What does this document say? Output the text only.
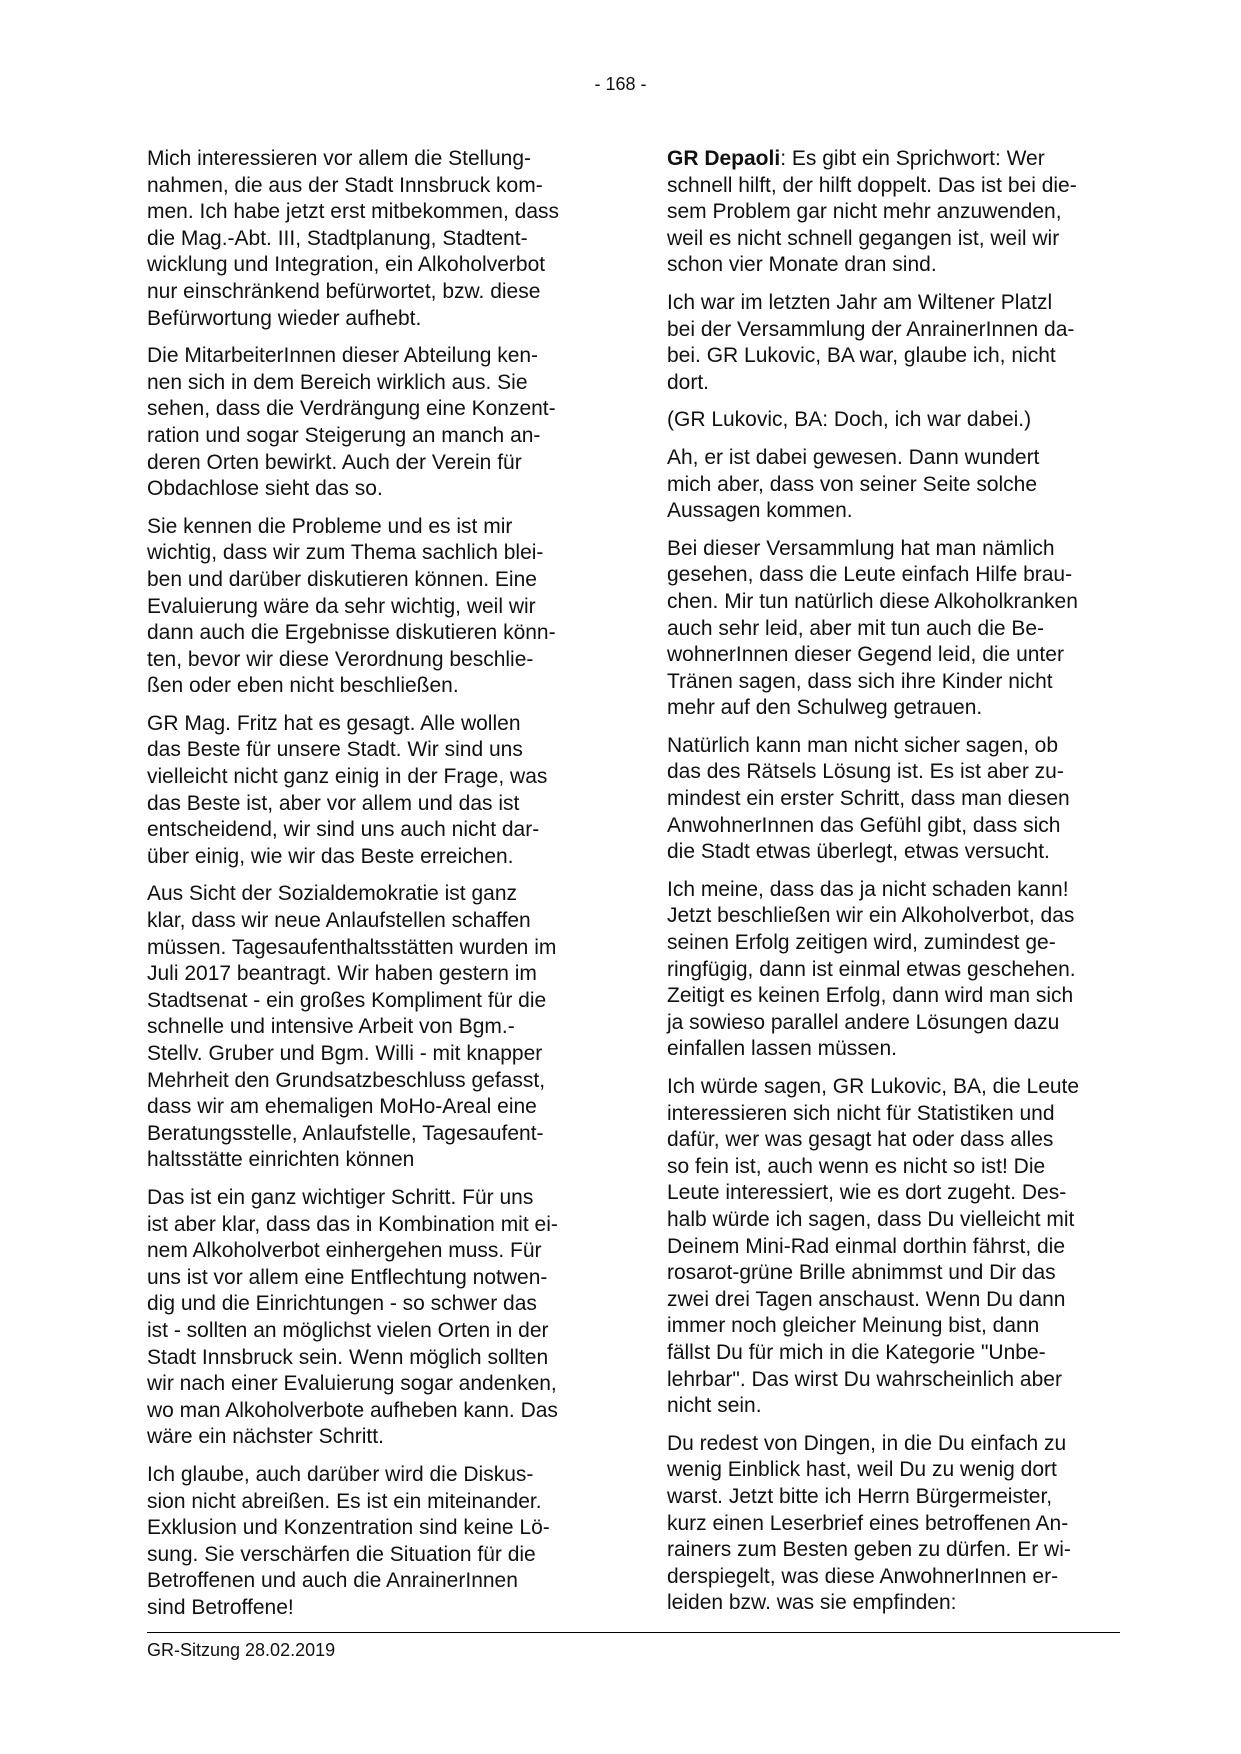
- 168 -

Mich interessieren vor allem die Stellung-
nahmen, die aus der Stadt Innsbruck kom-
men. Ich habe jetzt erst mitbekommen, dass
die Mag.-Abt. III, Stadtplanung, Stadtent-
wicklung und Integration, ein Alkoholverbot
nur einschränkend befürwortet, bzw. diese
Befürwortung wieder aufhebt.

Die MitarbeiterInnen dieser Abteilung ken-
nen sich in dem Bereich wirklich aus. Sie
sehen, dass die Verdrängung eine Konzent-
ration und sogar Steigerung an manch an-
deren Orten bewirkt. Auch der Verein für
Obdachlose sieht das so.

Sie kennen die Probleme und es ist mir
wichtig, dass wir zum Thema sachlich blei-
ben und darüber diskutieren können. Eine
Evaluierung wäre da sehr wichtig, weil wir
dann auch die Ergebnisse diskutieren könn-
ten, bevor wir diese Verordnung beschlie-
ßen oder eben nicht beschließen.

GR Mag. Fritz hat es gesagt. Alle wollen
das Beste für unsere Stadt. Wir sind uns
vielleicht nicht ganz einig in der Frage, was
das Beste ist, aber vor allem und das ist
entscheidend, wir sind uns auch nicht dar-
über einig, wie wir das Beste erreichen.

Aus Sicht der Sozialdemokratie ist ganz
klar, dass wir neue Anlaufstellen schaffen
müssen. Tagesaufenthaltsstätten wurden im
Juli 2017 beantragt. Wir haben gestern im
Stadtsenat - ein großes Kompliment für die
schnelle und intensive Arbeit von Bgm.-
Stellv. Gruber und Bgm. Willi - mit knapper
Mehrheit den Grundsatzbeschluss gefasst,
dass wir am ehemaligen MoHo-Areal eine
Beratungsstelle, Anlaufstelle, Tagesaufent-
haltsstätte einrichten können

Das ist ein ganz wichtiger Schritt. Für uns
ist aber klar, dass das in Kombination mit ei-
nem Alkoholverbot einhergehen muss. Für
uns ist vor allem eine Entflechtung notwen-
dig und die Einrichtungen - so schwer das
ist - sollten an möglichst vielen Orten in der
Stadt Innsbruck sein. Wenn möglich sollten
wir nach einer Evaluierung sogar andenken,
wo man Alkoholverbote aufheben kann. Das
wäre ein nächster Schritt.

Ich glaube, auch darüber wird die Diskus-
sion nicht abreißen. Es ist ein miteinander.
Exklusion und Konzentration sind keine Lö-
sung. Sie verschärfen die Situation für die
Betroffenen und auch die AnrainerInnen
sind Betroffene!

GR Depaoli: Es gibt ein Sprichwort: Wer
schnell hilft, der hilft doppelt. Das ist bei die-
sem Problem gar nicht mehr anzuwenden,
weil es nicht schnell gegangen ist, weil wir
schon vier Monate dran sind.

Ich war im letzten Jahr am Wiltener Platzl
bei der Versammlung der AnrainerInnen da-
bei. GR Lukovic, BA war, glaube ich, nicht
dort.

(GR Lukovic, BA: Doch, ich war dabei.)

Ah, er ist dabei gewesen. Dann wundert
mich aber, dass von seiner Seite solche
Aussagen kommen.

Bei dieser Versammlung hat man nämlich
gesehen, dass die Leute einfach Hilfe brau-
chen. Mir tun natürlich diese Alkoholkranken
auch sehr leid, aber mit tun auch die Be-
wohnerInnen dieser Gegend leid, die unter
Tränen sagen, dass sich ihre Kinder nicht
mehr auf den Schulweg getrauen.

Natürlich kann man nicht sicher sagen, ob
das des Rätsels Lösung ist. Es ist aber zu-
mindest ein erster Schritt, dass man diesen
AnwohnerInnen das Gefühl gibt, dass sich
die Stadt etwas überlegt, etwas versucht.

Ich meine, dass das ja nicht schaden kann!
Jetzt beschließen wir ein Alkoholverbot, das
seinen Erfolg zeitigen wird, zumindest ge-
ringfügig, dann ist einmal etwas geschehen.
Zeitigt es keinen Erfolg, dann wird man sich
ja sowieso parallel andere Lösungen dazu
einfallen lassen müssen.

Ich würde sagen, GR Lukovic, BA, die Leute
interessieren sich nicht für Statistiken und
dafür, wer was gesagt hat oder dass alles
so fein ist, auch wenn es nicht so ist! Die
Leute interessiert, wie es dort zugeht. Des-
halb würde ich sagen, dass Du vielleicht mit
Deinem Mini-Rad einmal dorthin fährst, die
rosarot-grüne Brille abnimmst und Dir das
zwei drei Tagen anschaust. Wenn Du dann
immer noch gleicher Meinung bist, dann
fällst Du für mich in die Kategorie "Unbe-
lehrbar". Das wirst Du wahrscheinlich aber
nicht sein.

Du redest von Dingen, in die Du einfach zu
wenig Einblick hast, weil Du zu wenig dort
warst. Jetzt bitte ich Herrn Bürgermeister,
kurz einen Leserbrief eines betroffenen An-
rainers zum Besten geben zu dürfen. Er wi-
derspiegelt, was diese AnwohnerInnen er-
leiden bzw. was sie empfinden:

GR-Sitzung 28.02.2019
